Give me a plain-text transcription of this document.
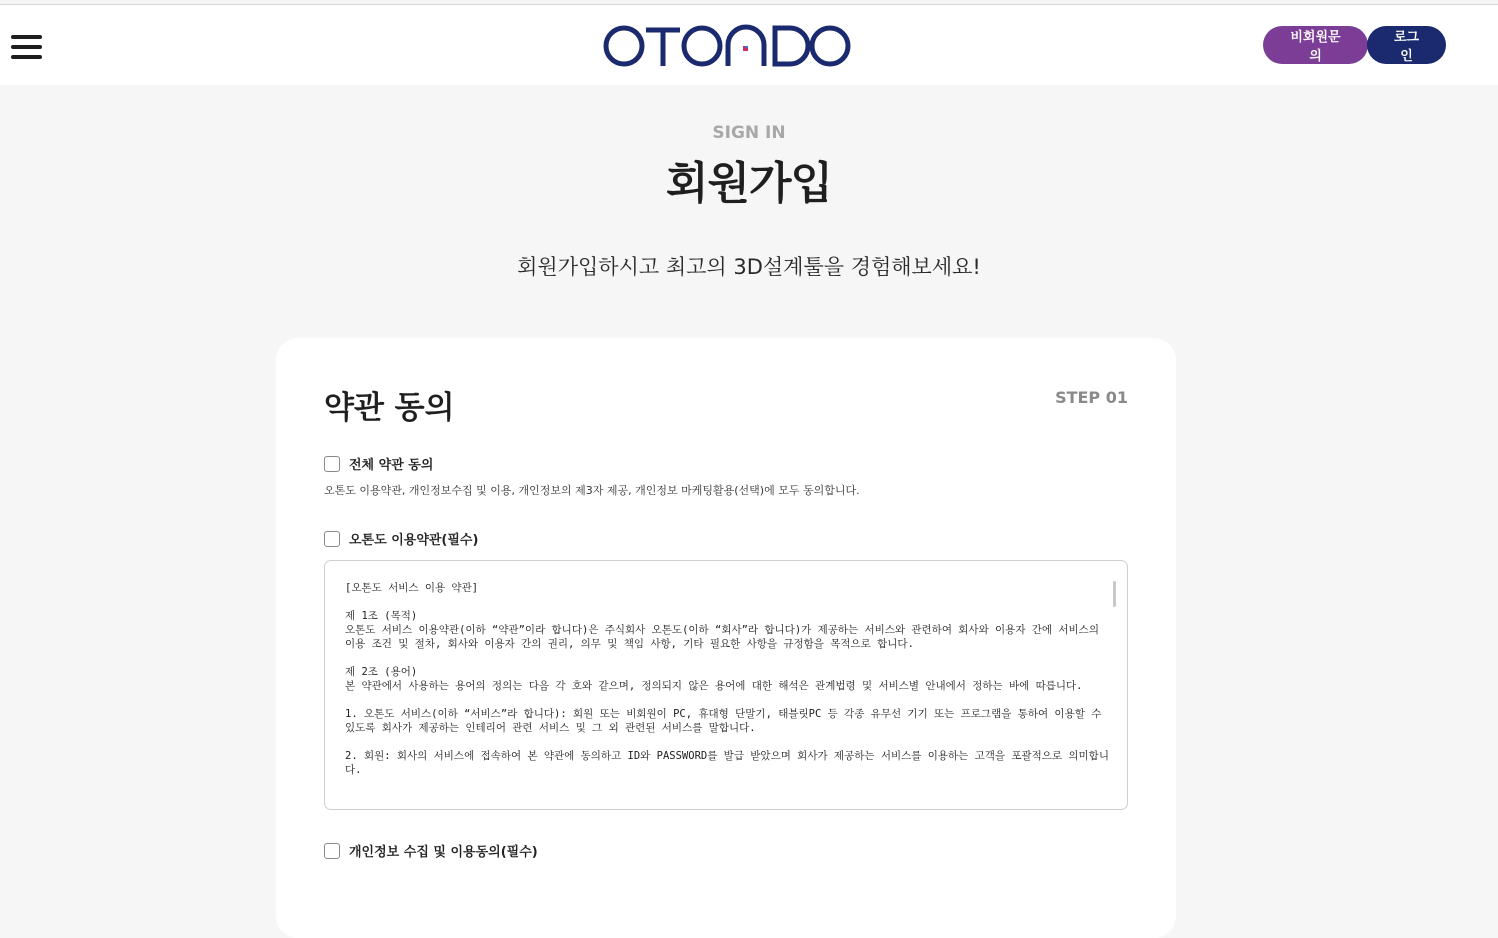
비회원문의
로그인
SIGN IN
회원가입

회원가입하시고 최고의 3D설계툴을 경험해보세요!

약관 동의	STEP 01
전체 약관 동의

오톤도 이용약관, 개인정보수집 및 이용, 개인정보의 제3자 제공, 개인정보 마케팅활용(선택)에 모두 동의합니다.

오톤도 이용약관(필수)
[오톤도 서비스 이용 약관]

제 1조 (목적)
오톤도 서비스 이용약관(이하 “약관”이라 합니다)은 주식회사 오톤도(이하 “회사”라 합니다)가 제공하는 서비스와 관련하여 회사와 이용자 간에 서비스의 이용 조건 및 절차, 회사와 이용자 간의 권리, 의무 및 책임 사항, 기타 필요한 사항을 규정함을 목적으로 합니다.

제 2조 (용어)
본 약관에서 사용하는 용어의 정의는 다음 각 호와 같으며, 정의되지 않은 용어에 대한 해석은 관계법령 및 서비스별 안내에서 정하는 바에 따릅니다.

1. 오톤도 서비스(이하 “서비스”라 합니다): 회원 또는 비회원이 PC, 휴대형 단말기, 태블릿PC 등 각종 유무선 기기 또는 프로그램을 통하여 이용할 수 있도록 회사가 제공하는 인테리어 관련 서비스 및 그 외 관련된 서비스를 말합니다.

2. 회원: 회사의 서비스에 접속하여 본 약관에 동의하고 ID와 PASSWORD를 발급 받았으며 회사가 제공하는 서비스를 이용하는 고객을 포괄적으로 의미합니다.
개인정보 수집 및 이용동의(필수)
